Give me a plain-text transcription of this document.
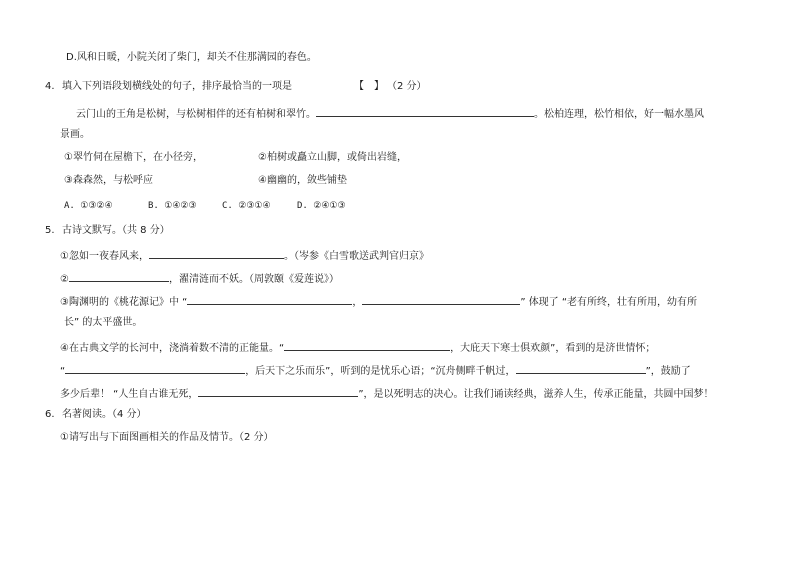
D.风和日暖，小院关闭了柴门，却关不住那满园的春色。
4. 填入下列语段划横线处的句子，排序最恰当的一项是	【　】 （2 分）
云门山的王角是松树，与松树相伴的还有柏树和翠竹。	。松柏连理，松竹相依，好一幅水墨风
景画。
①翠竹伺在屋檐下，在小径旁，	②柏树或矗立山脚，或倚出岩缝，
③森森然，与松呼应	④幽幽的，敛些铺垫
A. ①③②④	B. ①④②③	C. ②③①④	D. ②④①③
5. 古诗文默写。（共 8 分）
①忽如一夜春风来，	。（岑参《白雪歌送武判官归京》
②	，濯清涟而不妖。（周敦颐《爱莲说》）
③陶渊明的《桃花源记》中 “	，	” 体现了 “老有所终，壮有所用，幼有所
长” 的太平盛世。
④在古典文学的长河中，浇淌着数不清的正能量。“	，大庇天下寒士俱欢颜”，看到的是济世情怀；
“	，后天下之乐而乐”，听到的是忧乐心语；“沉舟侧畔千帆过，	”，鼓励了
多少后辈！ “人生自古谁无死，	”，是以死明志的决心。让我们诵读经典，滋养人生，传承正能量，共圆中国梦！
6. 名著阅读。（4 分）
①请写出与下面图画相关的作品及情节。（2 分）
